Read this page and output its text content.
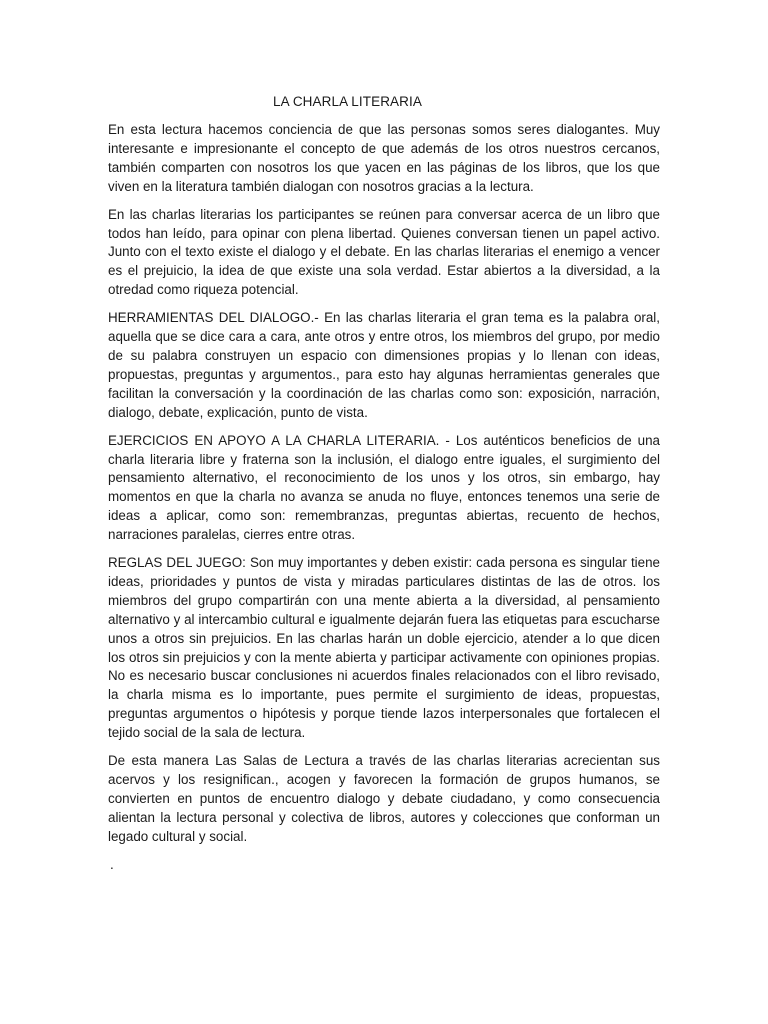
LA CHARLA LITERARIA

En esta lectura hacemos conciencia de que las personas somos seres dialogantes. Muy interesante e impresionante el concepto de que además de los otros nuestros cercanos, también comparten con nosotros los que yacen en las páginas de los libros, que los que viven en la literatura también dialogan con nosotros gracias a la lectura.

En las charlas literarias los participantes se reúnen para conversar acerca de un libro que todos han leído, para opinar con plena libertad. Quienes conversan tienen un papel activo. Junto con el texto existe el dialogo y el debate. En las charlas literarias el enemigo a vencer es el prejuicio, la idea de que existe una sola verdad. Estar abiertos a la diversidad, a la otredad como riqueza potencial.

HERRAMIENTAS DEL DIALOGO.- En las charlas literaria el gran tema es la palabra oral, aquella que se dice cara a cara, ante otros y entre otros, los miembros del grupo, por medio de su palabra construyen un espacio con dimensiones propias y lo llenan con ideas, propuestas, preguntas y argumentos., para esto hay algunas herramientas generales que facilitan la conversación y la coordinación de las charlas como son: exposición, narración, dialogo, debate, explicación, punto de vista.

EJERCICIOS EN APOYO A LA CHARLA LITERARIA. - Los auténticos beneficios de una charla literaria libre y fraterna son la inclusión, el dialogo entre iguales, el surgimiento del pensamiento alternativo, el reconocimiento de los unos y los otros, sin embargo, hay momentos en que la charla no avanza se anuda no fluye, entonces tenemos una serie de ideas a aplicar, como son: remembranzas, preguntas abiertas, recuento de hechos, narraciones paralelas, cierres entre otras.

REGLAS DEL JUEGO: Son muy importantes y deben existir: cada persona es singular tiene ideas, prioridades y puntos de vista y miradas particulares distintas de las de otros. los miembros del grupo compartirán con una mente abierta a la diversidad, al pensamiento alternativo y al intercambio cultural e igualmente dejarán fuera las etiquetas para escucharse unos a otros sin prejuicios. En las charlas harán un doble ejercicio, atender a lo que dicen los otros sin prejuicios y con la mente abierta y participar activamente con opiniones propias. No es necesario buscar conclusiones ni acuerdos finales relacionados con el libro revisado, la charla misma es lo importante, pues permite el surgimiento de ideas, propuestas, preguntas argumentos o hipótesis y porque tiende lazos interpersonales que fortalecen el tejido social de la sala de lectura.

De esta manera Las Salas de Lectura a través de las charlas literarias acrecientan sus acervos y los resignifican., acogen y favorecen la formación de grupos humanos, se convierten en puntos de encuentro dialogo y debate ciudadano, y como consecuencia alientan la lectura personal y colectiva de libros, autores y colecciones que conforman un legado cultural y social.

.
